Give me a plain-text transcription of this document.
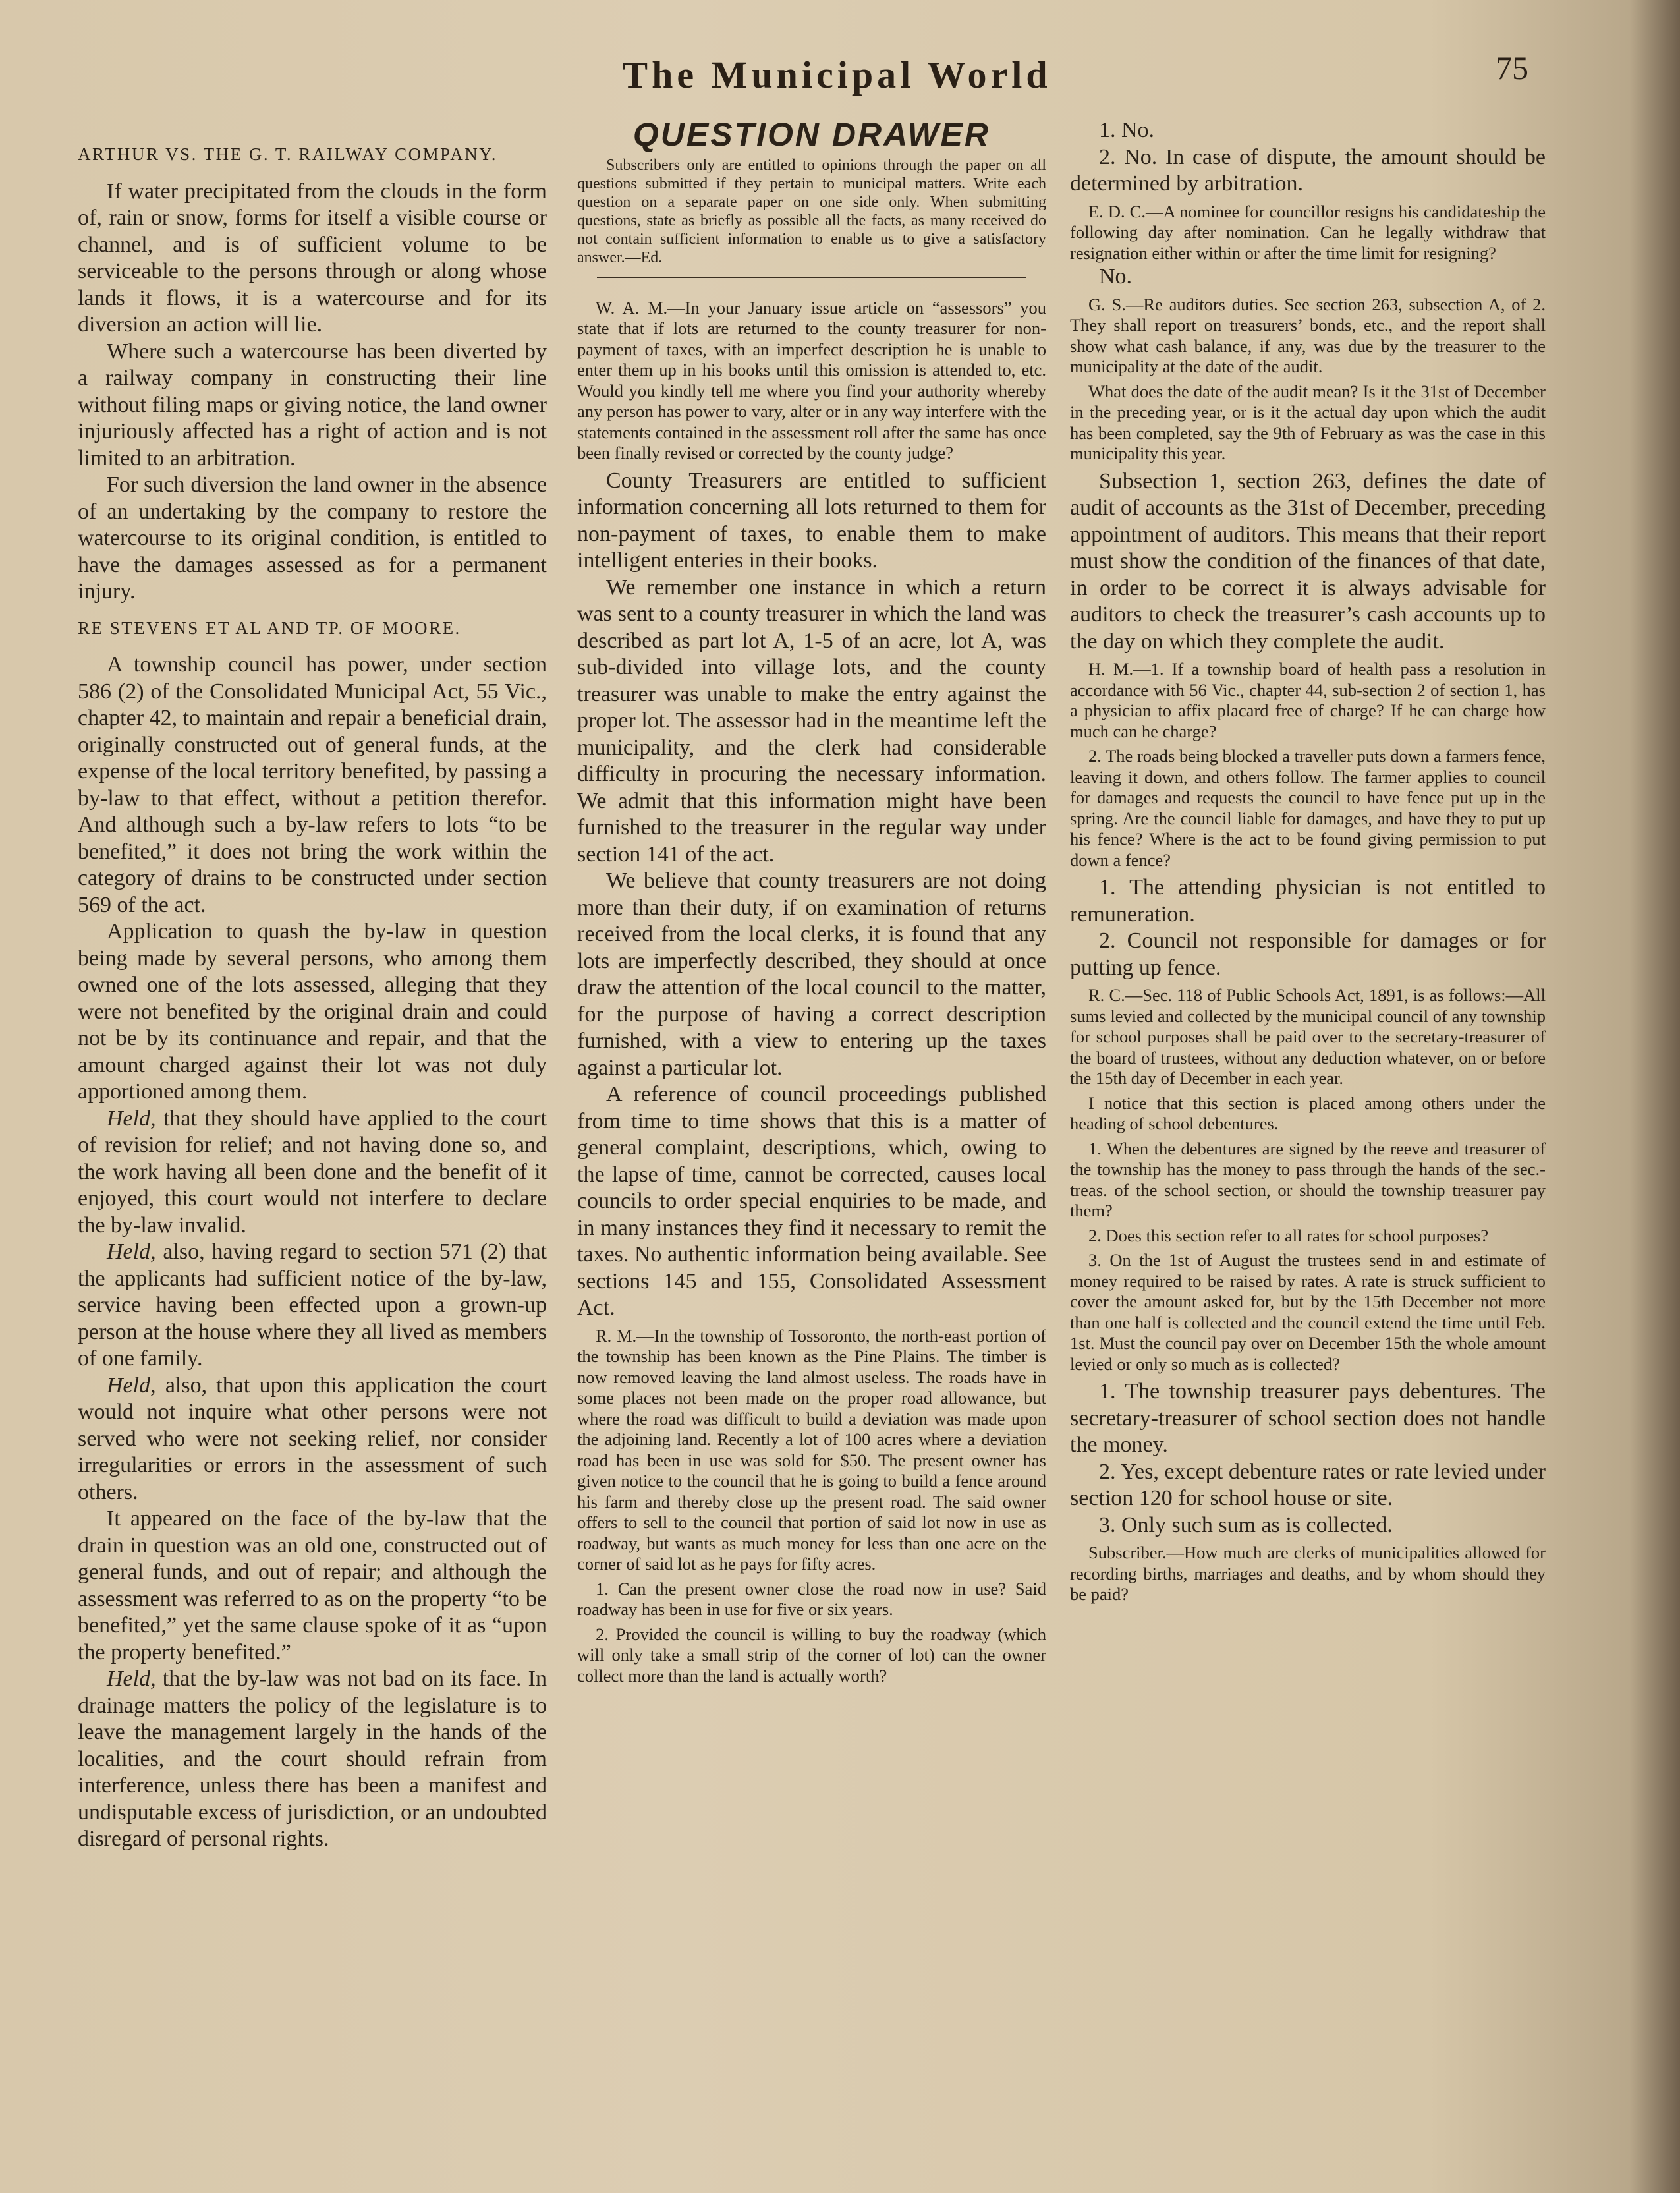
The Municipal World	75
ARTHUR VS. THE G. T. RAILWAY COMPANY.

If water precipitated from the clouds in the form of, rain or snow, forms for itself a visible course or channel, and is of sufficient volume to be serviceable to the persons through or along whose lands it flows, it is a watercourse and for its diversion an action will lie.

Where such a watercourse has been diverted by a railway company in constructing their line without filing maps or giving notice, the land owner injuriously affected has a right of action and is not limited to an arbitration.

For such diversion the land owner in the absence of an undertaking by the company to restore the watercourse to its original condition, is entitled to have the damages assessed as for a permanent injury.

RE STEVENS ET AL AND TP. OF MOORE.

A township council has power, under section 586 (2) of the Consolidated Municipal Act, 55 Vic., chapter 42, to maintain and repair a beneficial drain, originally constructed out of general funds, at the expense of the local territory benefited, by passing a by-law to that effect, without a petition therefor. And although such a by-law refers to lots “to be benefited,” it does not bring the work within the category of drains to be constructed under section 569 of the act.

Application to quash the by-law in question being made by several persons, who among them owned one of the lots assessed, alleging that they were not benefited by the original drain and could not be by its continuance and repair, and that the amount charged against their lot was not duly apportioned among them.

Held, that they should have applied to the court of revision for relief; and not having done so, and the work having all been done and the benefit of it enjoyed, this court would not interfere to declare the by-law invalid.

Held, also, having regard to section 571 (2) that the applicants had sufficient notice of the by-law, service having been effected upon a grown-up person at the house where they all lived as members of one family.

Held, also, that upon this application the court would not inquire what other persons were not served who were not seeking relief, nor consider irregularities or errors in the assessment of such others.

It appeared on the face of the by-law that the drain in question was an old one, constructed out of general funds, and out of repair; and although the assessment was referred to as on the property “to be benefited,” yet the same clause spoke of it as “upon the property benefited.”

Held, that the by-law was not bad on its face. In drainage matters the policy of the legislature is to leave the management largely in the hands of the localities, and the court should refrain from interference, unless there has been a manifest and undisputable excess of jurisdiction, or an undoubted disregard of personal rights.

QUESTION DRAWER

Subscribers only are entitled to opinions through the paper on all questions submitted if they pertain to municipal matters. Write each question on a separate paper on one side only. When submitting questions, state as briefly as possible all the facts, as many received do not contain sufficient information to enable us to give a satisfactory answer.—Ed.

W. A. M.—In your January issue article on “assessors” you state that if lots are returned to the county treasurer for non-payment of taxes, with an imperfect description he is unable to enter them up in his books until this omission is attended to, etc. Would you kindly tell me where you find your authority whereby any person has power to vary, alter or in any way interfere with the statements contained in the assessment roll after the same has once been finally revised or corrected by the county judge?

County Treasurers are entitled to sufficient information concerning all lots returned to them for non-payment of taxes, to enable them to make intelligent enteries in their books.

We remember one instance in which a return was sent to a county treasurer in which the land was described as part lot A, 1-5 of an acre, lot A, was sub-divided into village lots, and the county treasurer was unable to make the entry against the proper lot. The assessor had in the meantime left the municipality, and the clerk had considerable difficulty in procuring the necessary information. We admit that this information might have been furnished to the treasurer in the regular way under section 141 of the act.

We believe that county treasurers are not doing more than their duty, if on examination of returns received from the local clerks, it is found that any lots are imperfectly described, they should at once draw the attention of the local council to the matter, for the purpose of having a correct description furnished, with a view to entering up the taxes against a particular lot.

A reference of council proceedings published from time to time shows that this is a matter of general complaint, descriptions, which, owing to the lapse of time, cannot be corrected, causes local councils to order special enquiries to be made, and in many instances they find it necessary to remit the taxes. No authentic information being available. See sections 145 and 155, Consolidated Assessment Act.

R. M.—In the township of Tossoronto, the north-east portion of the township has been known as the Pine Plains. The timber is now removed leaving the land almost useless. The roads have in some places not been made on the proper road allowance, but where the road was difficult to build a deviation was made upon the adjoining land. Recently a lot of 100 acres where a deviation road has been in use was sold for $50. The present owner has given notice to the council that he is going to build a fence around his farm and thereby close up the present road. The said owner offers to sell to the council that portion of said lot now in use as roadway, but wants as much money for less than one acre on the corner of said lot as he pays for fifty acres.

1. Can the present owner close the road now in use? Said roadway has been in use for five or six years.

2. Provided the council is willing to buy the roadway (which will only take a small strip of the corner of lot) can the owner collect more than the land is actually worth?

1. No.

2. No. In case of dispute, the amount should be determined by arbitration.

E. D. C.—A nominee for councillor resigns his candidateship the following day after nomination. Can he legally withdraw that resignation either within or after the time limit for resigning?

No.

G. S.—Re auditors duties. See section 263, subsection A, of 2. They shall report on treasurers’ bonds, etc., and the report shall show what cash balance, if any, was due by the treasurer to the municipality at the date of the audit.

What does the date of the audit mean? Is it the 31st of December in the preceding year, or is it the actual day upon which the audit has been completed, say the 9th of February as was the case in this municipality this year.

Subsection 1, section 263, defines the date of audit of accounts as the 31st of December, preceding appointment of auditors. This means that their report must show the condition of the finances of that date, in order to be correct it is always advisable for auditors to check the treasurer’s cash accounts up to the day on which they complete the audit.

H. M.—1. If a township board of health pass a resolution in accordance with 56 Vic., chapter 44, sub-section 2 of section 1, has a physician to affix placard free of charge? If he can charge how much can he charge?

2. The roads being blocked a traveller puts down a farmers fence, leaving it down, and others follow. The farmer applies to council for damages and requests the council to have fence put up in the spring. Are the council liable for damages, and have they to put up his fence? Where is the act to be found giving permission to put down a fence?

1. The attending physician is not entitled to remuneration.

2. Council not responsible for damages or for putting up fence.

R. C.—Sec. 118 of Public Schools Act, 1891, is as follows:—All sums levied and collected by the municipal council of any township for school purposes shall be paid over to the secretary-treasurer of the board of trustees, without any deduction whatever, on or before the 15th day of December in each year.

I notice that this section is placed among others under the heading of school debentures.

1. When the debentures are signed by the reeve and treasurer of the township has the money to pass through the hands of the sec.-treas. of the school section, or should the township treasurer pay them?

2. Does this section refer to all rates for school purposes?

3. On the 1st of August the trustees send in and estimate of money required to be raised by rates. A rate is struck sufficient to cover the amount asked for, but by the 15th December not more than one half is collected and the council extend the time until Feb. 1st. Must the council pay over on December 15th the whole amount levied or only so much as is collected?

1. The township treasurer pays debentures. The secretary-treasurer of school section does not handle the money.

2. Yes, except debenture rates or rate levied under section 120 for school house or site.

3. Only such sum as is collected.

Subscriber.—How much are clerks of municipalities allowed for recording births, marriages and deaths, and by whom should they be paid?
